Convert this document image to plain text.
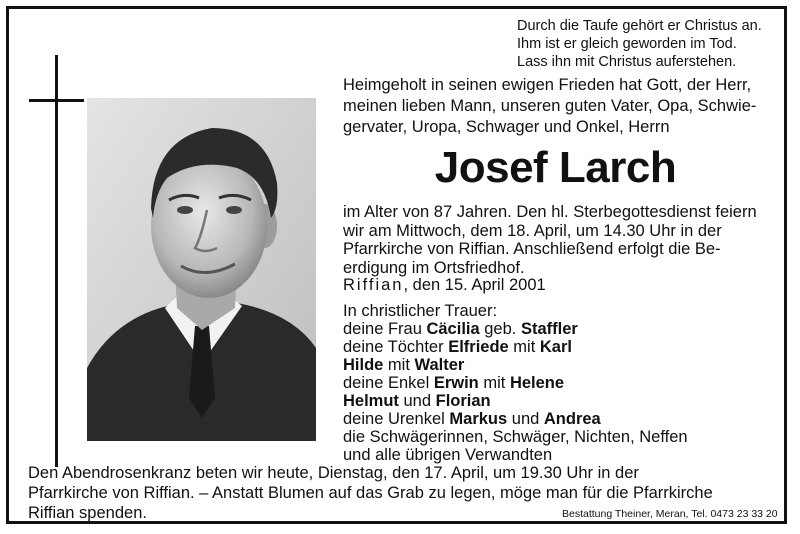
Durch die Taufe gehört er Christus an.
Ihm ist er gleich geworden im Tod.
Lass ihn mit Christus auferstehen.
Heimgeholt in seinen ewigen Frieden hat Gott, der Herr,
meinen lieben Mann, unseren guten Vater, Opa, Schwie-
gervater, Uropa, Schwager und Onkel, Herrn
Josef Larch
im Alter von 87 Jahren. Den hl. Sterbegottesdienst feiern
wir am Mittwoch, dem 18. April, um 14.30 Uhr in der
Pfarrkirche von Riffian. Anschließend erfolgt die Be-
erdigung im Ortsfriedhof.
Riffian, den 15. April 2001
In christlicher Trauer:
deine Frau Cäcilia geb. Staffler
deine Töchter Elfriede mit Karl
Hilde mit Walter
deine Enkel Erwin mit Helene
Helmut und Florian
deine Urenkel Markus und Andrea
die Schwägerinnen, Schwäger, Nichten, Neffen
und alle übrigen Verwandten
Den Abendrosenkranz beten wir heute, Dienstag, den 17. April, um 19.30 Uhr in der
Pfarrkirche von Riffian. – Anstatt Blumen auf das Grab zu legen, möge man für die Pfarrkirche
Riffian spenden.	Bestattung Theiner, Meran, Tel. 0473 23 33 20
